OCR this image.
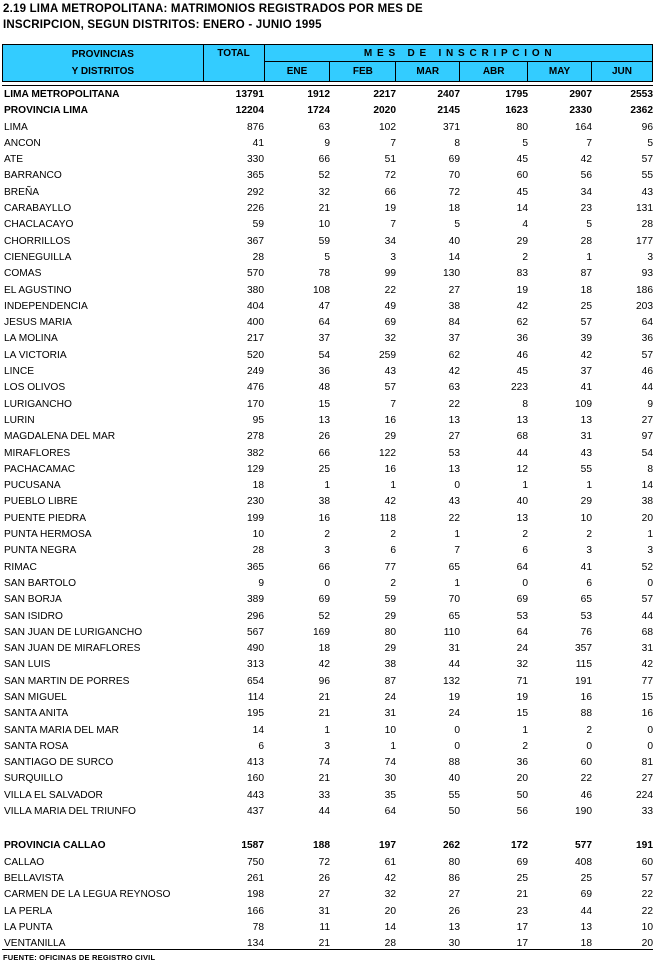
2.19 LIMA METROPOLITANA: MATRIMONIOS REGISTRADOS POR MES DE
INSCRIPCION, SEGUN DISTRITOS: ENERO - JUNIO 1995
PROVINCIAS
Y DISTRITOS	TOTAL	M E S   D E   I N S C R I P C I O N					
		ENE	FEB	MAR	ABR	MAY	JUN
LIMA METROPOLITANA	13791	1912	2217	2407	1795	2907	2553
PROVINCIA LIMA	12204	1724	2020	2145	1623	2330	2362
LIMA	876	63	102	371	80	164	96
ANCON	41	9	7	8	5	7	5
ATE	330	66	51	69	45	42	57
BARRANCO	365	52	72	70	60	56	55
BREÑA	292	32	66	72	45	34	43
CARABAYLLO	226	21	19	18	14	23	131
CHACLACAYO	59	10	7	5	4	5	28
CHORRILLOS	367	59	34	40	29	28	177
CIENEGUILLA	28	5	3	14	2	1	3
COMAS	570	78	99	130	83	87	93
EL AGUSTINO	380	108	22	27	19	18	186
INDEPENDENCIA	404	47	49	38	42	25	203
JESUS MARIA	400	64	69	84	62	57	64
LA MOLINA	217	37	32	37	36	39	36
LA VICTORIA	520	54	259	62	46	42	57
LINCE	249	36	43	42	45	37	46
LOS OLIVOS	476	48	57	63	223	41	44
LURIGANCHO	170	15	7	22	8	109	9
LURIN	95	13	16	13	13	13	27
MAGDALENA DEL MAR	278	26	29	27	68	31	97
MIRAFLORES	382	66	122	53	44	43	54
PACHACAMAC	129	25	16	13	12	55	8
PUCUSANA	18	1	1	0	1	1	14
PUEBLO LIBRE	230	38	42	43	40	29	38
PUENTE PIEDRA	199	16	118	22	13	10	20
PUNTA HERMOSA	10	2	2	1	2	2	1
PUNTA NEGRA	28	3	6	7	6	3	3
RIMAC	365	66	77	65	64	41	52
SAN BARTOLO	9	0	2	1	0	6	0
SAN BORJA	389	69	59	70	69	65	57
SAN ISIDRO	296	52	29	65	53	53	44
SAN JUAN DE LURIGANCHO	567	169	80	110	64	76	68
SAN JUAN DE MIRAFLORES	490	18	29	31	24	357	31
SAN LUIS	313	42	38	44	32	115	42
SAN MARTIN DE PORRES	654	96	87	132	71	191	77
SAN MIGUEL	114	21	24	19	19	16	15
SANTA ANITA	195	21	31	24	15	88	16
SANTA MARIA DEL MAR	14	1	10	0	1	2	0
SANTA ROSA	6	3	1	0	2	0	0
SANTIAGO DE SURCO	413	74	74	88	36	60	81
SURQUILLO	160	21	30	40	20	22	27
VILLA EL SALVADOR	443	33	35	55	50	46	224
VILLA MARIA DEL TRIUNFO	437	44	64	50	56	190	33
PROVINCIA CALLAO	1587	188	197	262	172	577	191
CALLAO	750	72	61	80	69	408	60
BELLAVISTA	261	26	42	86	25	25	57
CARMEN DE LA LEGUA REYNOSO	198	27	32	27	21	69	22
LA PERLA	166	31	20	26	23	44	22
LA PUNTA	78	11	14	13	17	13	10
VENTANILLA	134	21	28	30	17	18	20
FUENTE: OFICINAS DE REGISTRO CIVIL
